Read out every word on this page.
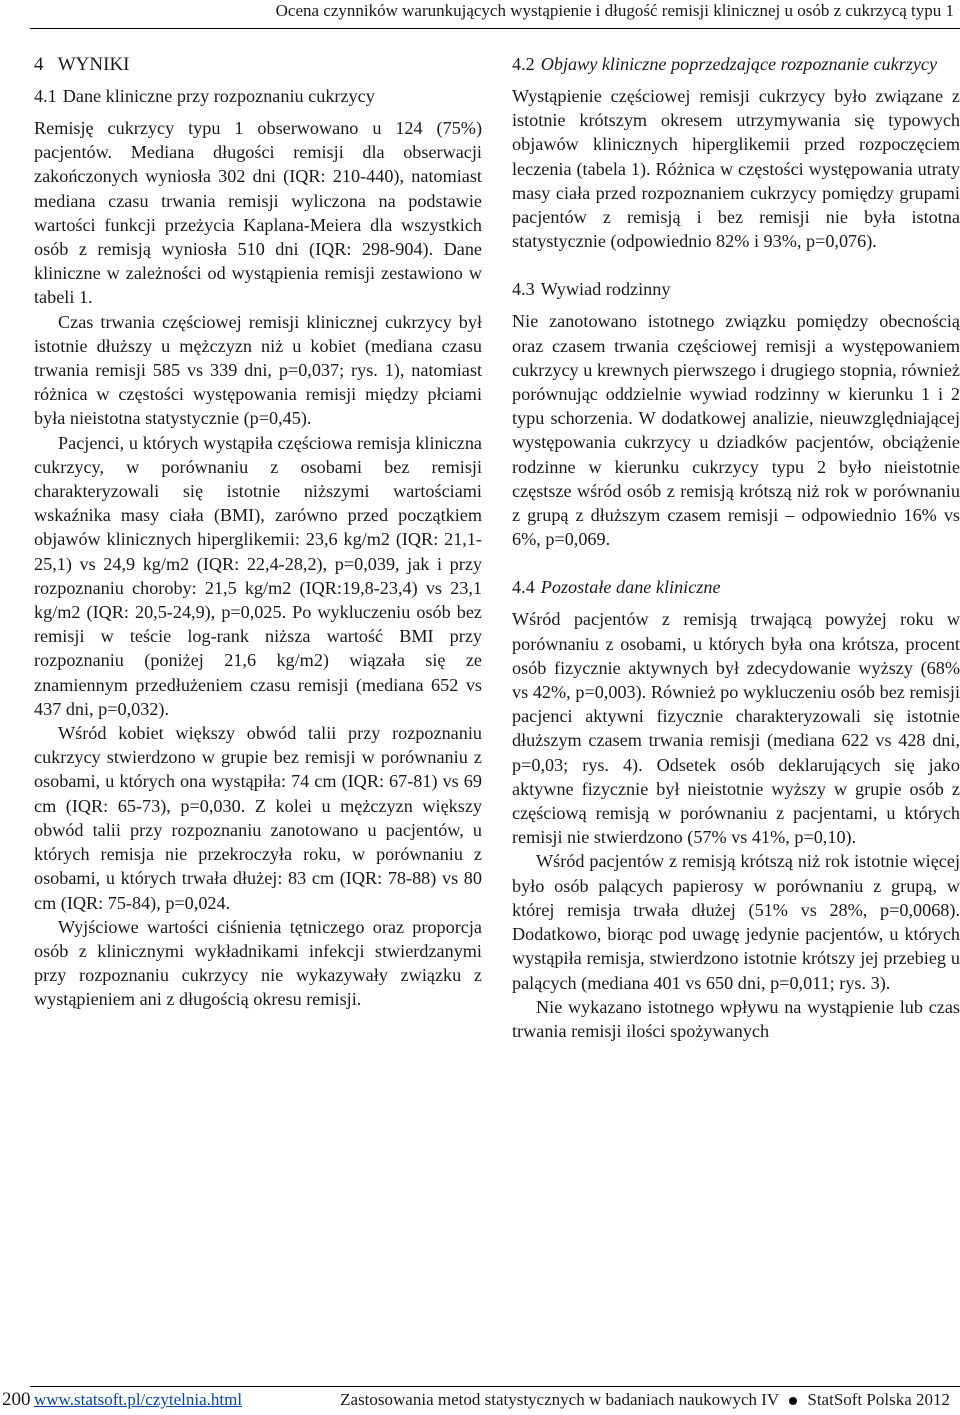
Ocena czynników warunkujących wystąpienie i długość remisji klinicznej u osób z cukrzycą typu 1
4 WYNIKI
4.1 Dane kliniczne przy rozpoznaniu cukrzycy

Remisję cukrzycy typu 1 obserwowano u 124 (75%) pacjentów. Mediana długości remisji dla obserwacji zakończonych wyniosła 302 dni (IQR: 210-440), natomiast mediana czasu trwania remisji wyliczona na podstawie wartości funkcji przeżycia Kaplana-Meiera dla wszystkich osób z remisją wyniosła 510 dni (IQR: 298-904). Dane kliniczne w zależności od wystąpienia remisji zestawiono w tabeli 1.

Czas trwania częściowej remisji klinicznej cukrzycy był istotnie dłuższy u mężczyzn niż u kobiet (mediana czasu trwania remisji 585 vs 339 dni, p=0,037; rys. 1), natomiast różnica w częstości występowania remisji między płciami była nieistotna statystycznie (p=0,45).

Pacjenci, u których wystąpiła częściowa remisja kliniczna cukrzycy, w porównaniu z osobami bez remisji charakteryzowali się istotnie niższymi wartościami wskaźnika masy ciała (BMI), zarówno przed początkiem objawów klinicznych hiperglikemii: 23,6 kg/m2 (IQR: 21,1-25,1) vs 24,9 kg/m2 (IQR: 22,4-28,2), p=0,039, jak i przy rozpoznaniu choroby: 21,5 kg/m2 (IQR:19,8-23,4) vs 23,1 kg/m2 (IQR: 20,5-24,9), p=0,025. Po wykluczeniu osób bez remisji w teście log-rank niższa wartość BMI przy rozpoznaniu (poniżej 21,6 kg/m2) wiązała się ze znamiennym przedłużeniem czasu remisji (mediana 652 vs 437 dni, p=0,032).

Wśród kobiet większy obwód talii przy rozpoznaniu cukrzycy stwierdzono w grupie bez remisji w porównaniu z osobami, u których ona wystąpiła: 74 cm (IQR: 67-81) vs 69 cm (IQR: 65-73), p=0,030. Z kolei u mężczyzn większy obwód talii przy rozpoznaniu zanotowano u pacjentów, u których remisja nie przekroczyła roku, w porównaniu z osobami, u których trwała dłużej: 83 cm (IQR: 78-88) vs 80 cm (IQR: 75-84), p=0,024.

Wyjściowe wartości ciśnienia tętniczego oraz proporcja osób z klinicznymi wykładnikami infekcji stwierdzanymi przy rozpoznaniu cukrzycy nie wykazywały związku z wystąpieniem ani z długością okresu remisji.

4.2 Objawy kliniczne poprzedzające rozpoznanie cukrzycy

Wystąpienie częściowej remisji cukrzycy było związane z istotnie krótszym okresem utrzymywania się typowych objawów klinicznych hiperglikemii przed rozpoczęciem leczenia (tabela 1). Różnica w częstości występowania utraty masy ciała przed rozpoznaniem cukrzycy pomiędzy grupami pacjentów z remisją i bez remisji nie była istotna statystycznie (odpowiednio 82% i 93%, p=0,076).

4.3 Wywiad rodzinny

Nie zanotowano istotnego związku pomiędzy obecnością oraz czasem trwania częściowej remisji a występowaniem cukrzycy u krewnych pierwszego i drugiego stopnia, również porównując oddzielnie wywiad rodzinny w kierunku 1 i 2 typu schorzenia. W dodatkowej analizie, nieuwzględniającej występowania cukrzycy u dziadków pacjentów, obciążenie rodzinne w kierunku cukrzycy typu 2 było nieistotnie częstsze wśród osób z remisją krótszą niż rok w porównaniu z grupą z dłuższym czasem remisji – odpowiednio 16% vs 6%, p=0,069.

4.4 Pozostałe dane kliniczne

Wśród pacjentów z remisją trwającą powyżej roku w porównaniu z osobami, u których była ona krótsza, procent osób fizycznie aktywnych był zdecydowanie wyższy (68% vs 42%, p=0,003). Również po wykluczeniu osób bez remisji pacjenci aktywni fizycznie charakteryzowali się istotnie dłuższym czasem trwania remisji (mediana 622 vs 428 dni, p=0,03; rys. 4). Odsetek osób deklarujących się jako aktywne fizycznie był nieistotnie wyższy w grupie osób z częściową remisją w porównaniu z pacjentami, u których remisji nie stwierdzono (57% vs 41%, p=0,10).

Wśród pacjentów z remisją krótszą niż rok istotnie więcej było osób palących papierosy w porównaniu z grupą, w której remisja trwała dłużej (51% vs 28%, p=0,0068). Dodatkowo, biorąc pod uwagę jedynie pacjentów, u których wystąpiła remisja, stwierdzono istotnie krótszy jej przebieg u palących (mediana 401 vs 650 dni, p=0,011; rys. 3).

Nie wykazano istotnego wpływu na wystąpienie lub czas trwania remisji ilości spożywanych

200 www.statsoft.pl/czytelnia.html	Zastosowania metod statystycznych w badaniach naukowych IV StatSoft Polska 2012
